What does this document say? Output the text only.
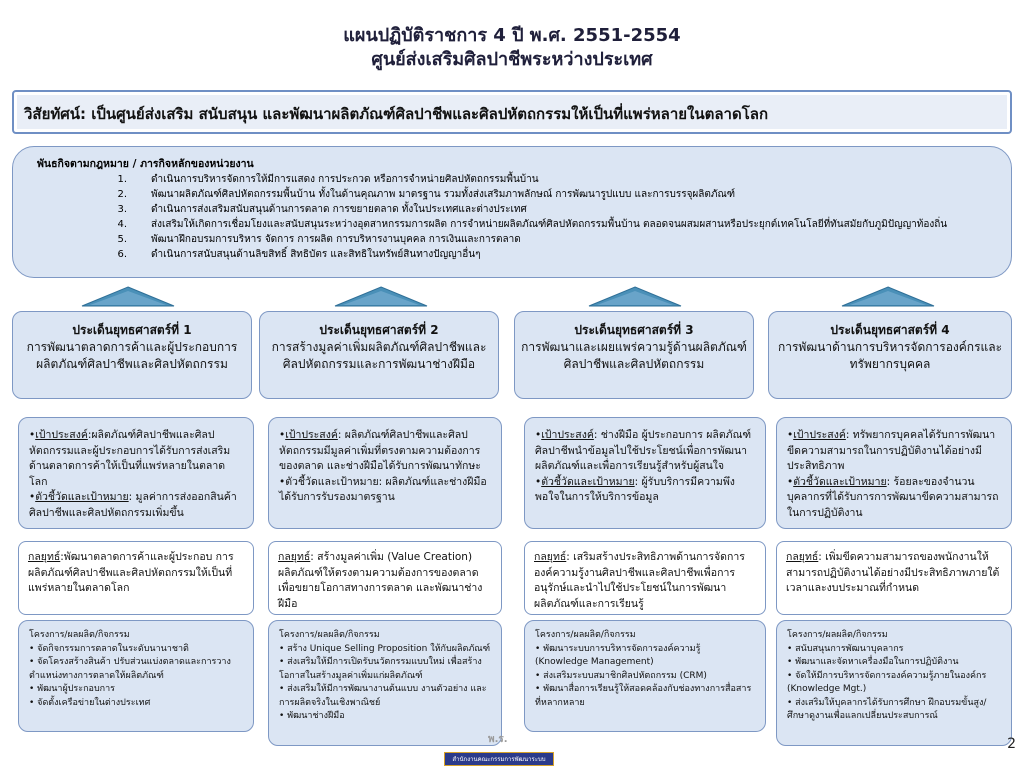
แผนปฏิบัติราชการ 4 ปี พ.ศ. 2551-2554
ศูนย์ส่งเสริมศิลปาชีพระหว่างประเทศ
วิสัยทัศน์: เป็นศูนย์ส่งเสริม สนับสนุน และพัฒนาผลิตภัณฑ์ศิลปาชีพและศิลปหัตถกรรมให้เป็นที่แพร่หลายในตลาดโลก
พันธกิจตามกฎหมาย / ภารกิจหลักของหน่วยงาน
1.	ดำเนินการบริหารจัดการให้มีการแสดง การประกวด หรือการจำหน่ายศิลปหัตถกรรมพื้นบ้าน
2.	พัฒนาผลิตภัณฑ์ศิลปหัตถกรรมพื้นบ้าน ทั้งในด้านคุณภาพ มาตรฐาน รวมทั้งส่งเสริมภาพลักษณ์ การพัฒนารูปแบบ และการบรรจุผลิตภัณฑ์
3.	ดำเนินการส่งเสริมสนับสนุนด้านการตลาด การขยายตลาด ทั้งในประเทศและต่างประเทศ
4.	ส่งเสริมให้เกิดการเชื่อมโยงและสนับสนุนระหว่างอุตสาหกรรมการผลิต การจำหน่ายผลิตภัณฑ์ศิลปหัตถกรรมพื้นบ้าน ตลอดจนผสมผสานหรือประยุกต์เทคโนโลยีที่ทันสมัยกับภูมิปัญญาท้องถิ่น
5.	พัฒนาฝึกอบรมการบริหาร จัดการ การผลิต การบริหารงานบุคคล การเงินและการตลาด
6.	ดำเนินการสนับสนุนด้านลิขสิทธิ์ สิทธิบัตร และสิทธิในทรัพย์สินทางปัญญาอื่นๆ
ประเด็นยุทธศาสตร์ที่ 1
การพัฒนาตลาดการค้าและผู้ประกอบการผลิตภัณฑ์ศิลปาชีพและศิลปหัตถกรรม
ประเด็นยุทธศาสตร์ที่ 2
การสร้างมูลค่าเพิ่มผลิตภัณฑ์ศิลปาชีพและศิลปหัตถกรรมและการพัฒนาช่างฝีมือ
ประเด็นยุทธศาสตร์ที่ 3
การพัฒนาและเผยแพร่ความรู้ด้านผลิตภัณฑ์ศิลปาชีพและศิลปหัตถกรรม
ประเด็นยุทธศาสตร์ที่ 4
การพัฒนาด้านการบริหารจัดการองค์กรและทรัพยากรบุคคล
•เป้าประสงค์:ผลิตภัณฑ์ศิลปาชีพและศิลปหัตถกรรมและผู้ประกอบการได้รับการส่งเสริมด้านตลาดการค้าให้เป็นที่แพร่หลายในตลาดโลก
•ตัวชี้วัดและเป้าหมาย: มูลค่าการส่งออกสินค้าศิลปาชีพและศิลปหัตถกรรมเพิ่มขึ้น
•เป้าประสงค์: ผลิตภัณฑ์ศิลปาชีพและศิลปหัตถกรรมมีมูลค่าเพิ่มที่ตรงตามความต้องการของตลาด และช่างฝีมือได้รับการพัฒนาทักษะ
•ตัวชี้วัดและเป้าหมาย: ผลิตภัณฑ์และช่างฝีมือได้รับการรับรองมาตรฐาน
•เป้าประสงค์: ช่างฝีมือ ผู้ประกอบการ ผลิตภัณฑ์ศิลปาชีพนำข้อมูลไปใช้ประโยชน์เพื่อการพัฒนาผลิตภัณฑ์และเพื่อการเรียนรู้สำหรับผู้สนใจ
•ตัวชี้วัดและเป้าหมาย: ผู้รับบริการมีความพึงพอใจในการให้บริการข้อมูล
•เป้าประสงค์: ทรัพยากรบุคคลได้รับการพัฒนาขีดความสามารถในการปฏิบัติงานได้อย่างมีประสิทธิภาพ
•ตัวชี้วัดและเป้าหมาย: ร้อยละของจำนวนบุคลากรที่ได้รับการการพัฒนาขีดความสามารถในการปฏิบัติงาน
กลยุทธ์:พัฒนาตลาดการค้าและผู้ประกอบ การผลิตภัณฑ์ศิลปาชีพและศิลปหัตถกรรมให้เป็นที่แพร่หลายในตลาดโลก
กลยุทธ์: สร้างมูลค่าเพิ่ม (Value Creation) ผลิตภัณฑ์ให้ตรงตามความต้องการของตลาด เพื่อขยายโอกาสทางการตลาด และพัฒนาช่างฝีมือ
กลยุทธ์: เสริมสร้างประสิทธิภาพด้านการจัดการองค์ความรู้งานศิลปาชีพและศิลปาชีพเพื่อการอนุรักษ์และนำไปใช้ประโยชน์ในการพัฒนาผลิตภัณฑ์และการเรียนรู้
กลยุทธ์: เพิ่มขีดความสามารถของพนักงานให้สามารถปฏิบัติงานได้อย่างมีประสิทธิภาพภายใต้เวลาและงบประมาณที่กำหนด
โครงการ/ผลผลิต/กิจกรรม
• จัดกิจกรรมการตลาดในระดับนานาชาติ
• จัดโครงสร้างสินค้า ปรับส่วนแบ่งตลาดและการวางตำแหน่งทางการตลาดให้ผลิตภัณฑ์
• พัฒนาผู้ประกอบการ
• จัดตั้งเครือข่ายในต่างประเทศ
โครงการ/ผลผลิต/กิจกรรม
• สร้าง Unique Selling Proposition ให้กับผลิตภัณฑ์
• ส่งเสริมให้มีการเปิดรับนวัตกรรมแบบใหม่ เพื่อสร้างโอกาสในสร้างมูลค่าเพิ่มแก่ผลิตภัณฑ์
• ส่งเสริมให้มีการพัฒนางานต้นแบบ งานตัวอย่าง และการผลิตจริงในเชิงพาณิชย์
• พัฒนาช่างฝีมือ
โครงการ/ผลผลิต/กิจกรรม
• พัฒนาระบบการบริหารจัดการองค์ความรู้ (Knowledge Management)
• ส่งเสริมระบบสมาชิกศิลปหัตถกรรม (CRM)
• พัฒนาสื่อการเรียนรู้ให้สอดคล้องกับช่องทางการสื่อสารที่หลากหลาย
โครงการ/ผลผลิต/กิจกรรม
• สนับสนุนการพัฒนาบุคลากร
• พัฒนาและจัดหาเครื่องมือในการปฏิบัติงาน
• จัดให้มีการบริหารจัดการองค์ความรู้ภายในองค์กร (Knowledge Mgt.)
• ส่งเสริมให้บุคลากรได้รับการศึกษา ฝึกอบรมขั้นสูง/ศึกษาดูงานเพื่อแลกเปลี่ยนประสบการณ์
พ.ร.
สำนักงานคณะกรรมการพัฒนาระบบราชการ
2
